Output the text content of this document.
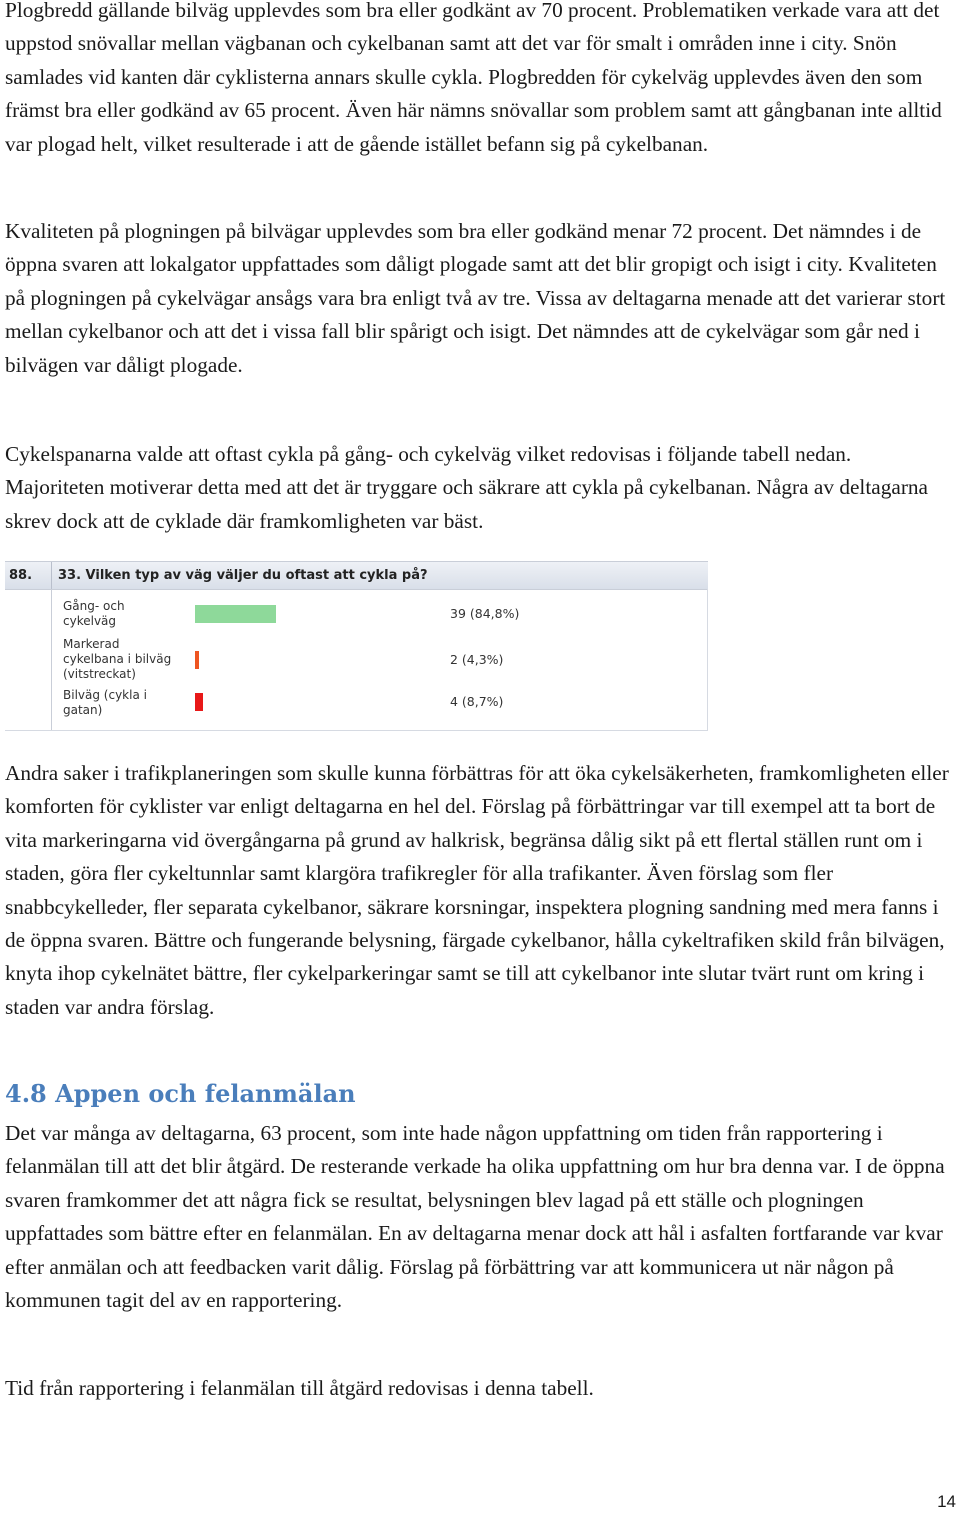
Plogbredd gällande bilväg upplevdes som bra eller godkänt av 70 procent. Problematiken verkade vara att det uppstod snövallar mellan vägbanan och cykelbanan samt att det var för smalt i områden inne i city. Snön samlades vid kanten där cyklisterna annars skulle cykla. Plogbredden för cykelväg upplevdes även den som främst bra eller godkänd av 65 procent. Även här nämns snövallar som problem samt att gångbanan inte alltid var plogad helt, vilket resulterade i att de gående istället befann sig på cykelbanan.

Kvaliteten på plogningen på bilvägar upplevdes som bra eller godkänd menar 72 procent. Det nämndes i de öppna svaren att lokalgator uppfattades som dåligt plogade samt att det blir gropigt och isigt i city. Kvaliteten på plogningen på cykelvägar ansågs vara bra enligt två av tre. Vissa av deltagarna menade att det varierar stort mellan cykelbanor och att det i vissa fall blir spårigt och isigt. Det nämndes att de cykelvägar som går ned i bilvägen var dåligt plogade.

Cykelspanarna valde att oftast cykla på gång- och cykelväg vilket redovisas i följande tabell nedan. Majoriteten motiverar detta med att det är tryggare och säkrare att cykla på cykelbanan. Några av deltagarna skrev dock att de cyklade där framkomligheten var bäst.

88. 33. Vilken typ av väg väljer du oftast att cykla på?
Gång- och
cykelväg	39 (84,8%)
Markerad
cykelbana i bilväg
(vitstreckat)
2 (4,3%)
Bilväg (cykla i
gatan)
4 (8,7%)

Andra saker i trafikplaneringen som skulle kunna förbättras för att öka cykelsäkerheten, framkomligheten eller komforten för cyklister var enligt deltagarna en hel del. Förslag på förbättringar var till exempel att ta bort de vita markeringarna vid övergångarna på grund av halkrisk, begränsa dålig sikt på ett flertal ställen runt om i staden, göra fler cykeltunnlar samt klargöra trafikregler för alla trafikanter. Även förslag som fler snabbcykelleder, fler separata cykelbanor, säkrare korsningar, inspektera plogning sandning med mera fanns i de öppna svaren. Bättre och fungerande belysning, färgade cykelbanor, hålla cykeltrafiken skild från bilvägen, knyta ihop cykelnätet bättre, fler cykelparkeringar samt se till att cykelbanor inte slutar tvärt runt om kring i staden var andra förslag.

4.8 Appen och felanmälan

Det var många av deltagarna, 63 procent, som inte hade någon uppfattning om tiden från rapportering i felanmälan till att det blir åtgärd. De resterande verkade ha olika uppfattning om hur bra denna var. I de öppna svaren framkommer det att några fick se resultat, belysningen blev lagad på ett ställe och plogningen uppfattades som bättre efter en felanmälan. En av deltagarna menar dock att hål i asfalten fortfarande var kvar efter anmälan och att feedbacken varit dålig. Förslag på förbättring var att kommunicera ut när någon på kommunen tagit del av en rapportering.

Tid från rapportering i felanmälan till åtgärd redovisas i denna tabell.

14
